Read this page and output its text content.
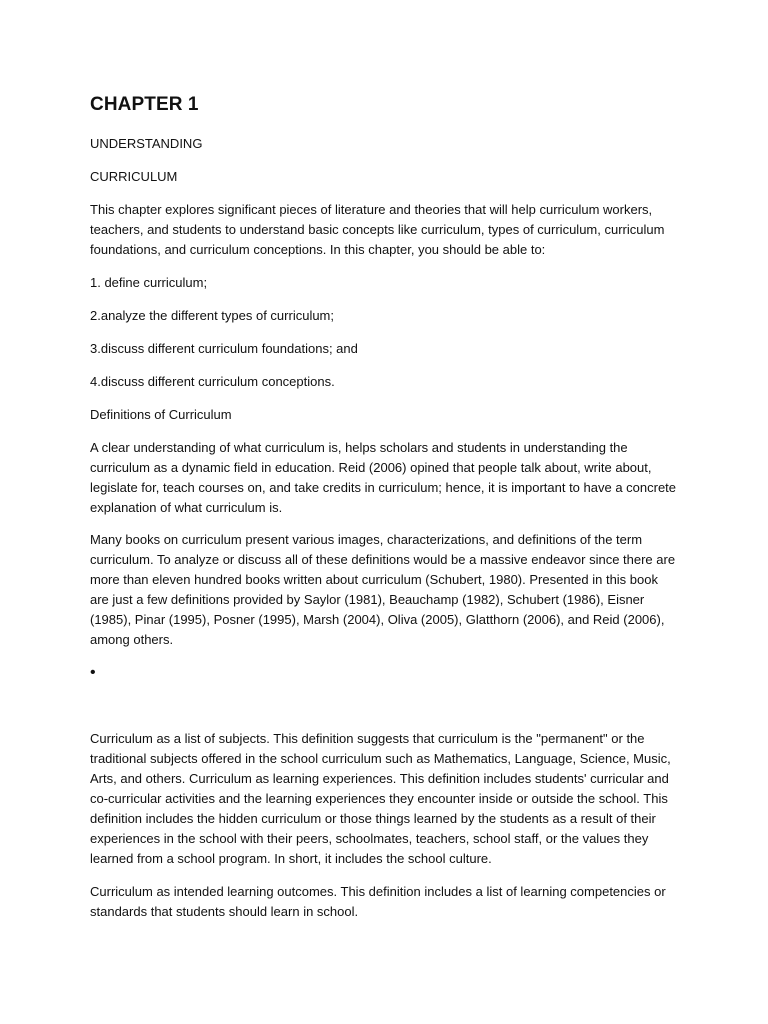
CHAPTER 1

UNDERSTANDING

CURRICULUM

This chapter explores significant pieces of literature and theories that will help curriculum workers, teachers, and students to understand basic concepts like curriculum, types of curriculum, curriculum foundations, and curriculum conceptions. In this chapter, you should be able to:

1. define curriculum;

2.analyze the different types of curriculum;

3.discuss different curriculum foundations; and

4.discuss different curriculum conceptions.

Definitions of Curriculum

A clear understanding of what curriculum is, helps scholars and students in understanding the curriculum as a dynamic field in education. Reid (2006) opined that people talk about, write about, legislate for, teach courses on, and take credits in curriculum; hence, it is important to have a concrete explanation of what curriculum is.

Many books on curriculum present various images, characterizations, and definitions of the term curriculum. To analyze or discuss all of these definitions would be a massive endeavor since there are more than eleven hundred books written about curriculum (Schubert, 1980). Presented in this book are just a few definitions provided by Saylor (1981), Beauchamp (1982), Schubert (1986), Eisner (1985), Pinar (1995), Posner (1995), Marsh (2004), Oliva (2005), Glatthorn (2006), and Reid (2006), among others.

•

Curriculum as a list of subjects. This definition suggests that curriculum is the "permanent" or the traditional subjects offered in the school curriculum such as Mathematics, Language, Science, Music, Arts, and others. Curriculum as learning experiences. This definition includes students' curricular and co-curricular activities and the learning experiences they encounter inside or outside the school. This definition includes the hidden curriculum or those things learned by the students as a result of their experiences in the school with their peers, schoolmates, teachers, school staff, or the values they learned from a school program. In short, it includes the school culture.

Curriculum as intended learning outcomes. This definition includes a list of learning competencies or standards that students should learn in school.
